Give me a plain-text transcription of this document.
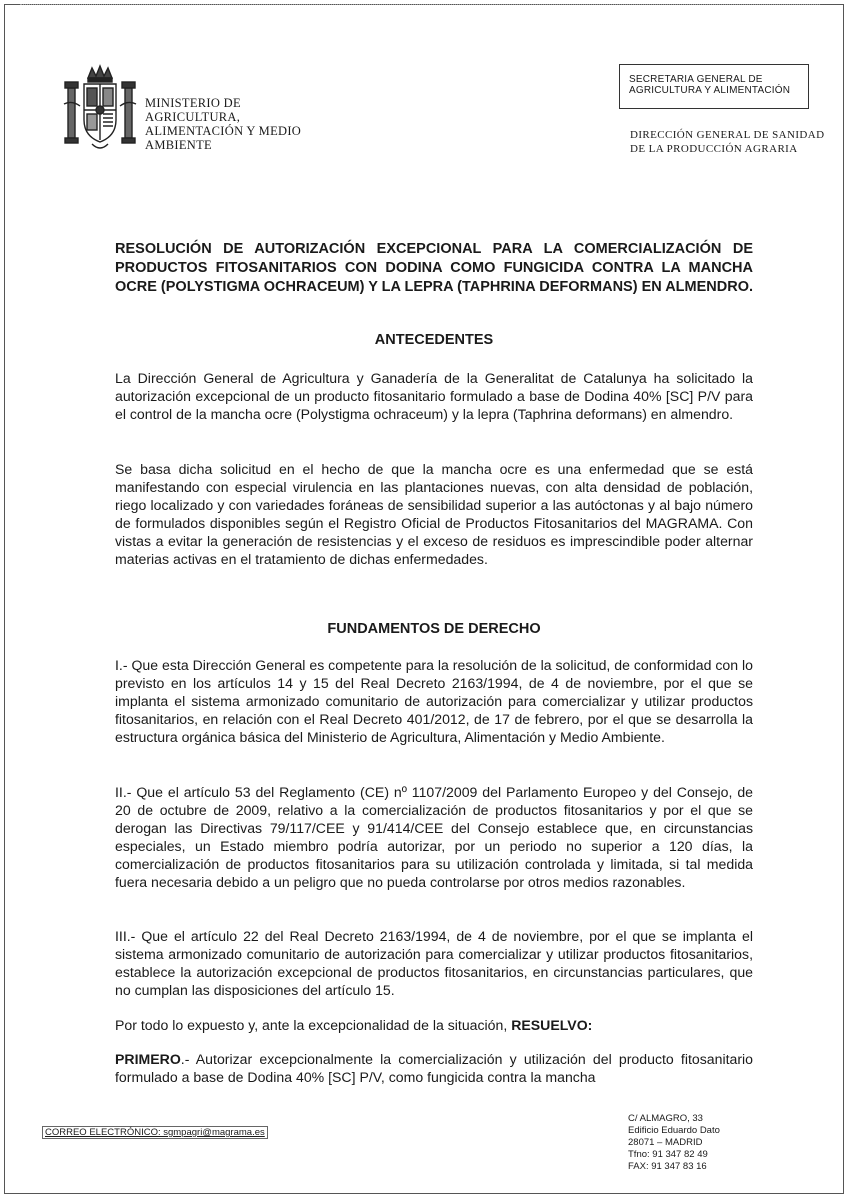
MINISTERIO DE
AGRICULTURA,
ALIMENTACIÓN Y MEDIO
AMBIENTE
SECRETARIA GENERAL DE
AGRICULTURA Y ALIMENTACIÓN
DIRECCIÓN GENERAL DE SANIDAD
DE LA PRODUCCIÓN AGRARIA
RESOLUCIÓN DE AUTORIZACIÓN EXCEPCIONAL PARA LA COMERCIALIZACIÓN DE PRODUCTOS FITOSANITARIOS CON DODINA COMO FUNGICIDA CONTRA LA MANCHA OCRE (POLYSTIGMA OCHRACEUM) Y LA LEPRA (TAPHRINA DEFORMANS) EN ALMENDRO.
ANTECEDENTES

La Dirección General de Agricultura y Ganadería de la Generalitat de Catalunya ha solicitado la autorización excepcional de un producto fitosanitario formulado a base de Dodina 40% [SC] P/V para el control de la mancha ocre (Polystigma ochraceum) y la lepra (Taphrina deformans) en almendro.

Se basa dicha solicitud en el hecho de que la mancha ocre es una enfermedad que se está manifestando con especial virulencia en las plantaciones nuevas, con alta densidad de población, riego localizado y con variedades foráneas de sensibilidad superior a las autóctonas y al bajo número de formulados disponibles según el Registro Oficial de Productos Fitosanitarios del MAGRAMA. Con vistas a evitar la generación de resistencias y el exceso de residuos es imprescindible poder alternar materias activas en el tratamiento de dichas enfermedades.

FUNDAMENTOS DE DERECHO

I.- Que esta Dirección General es competente para la resolución de la solicitud, de conformidad con lo previsto en los artículos 14 y 15 del Real Decreto 2163/1994, de 4 de noviembre, por el que se implanta el sistema armonizado comunitario de autorización para comercializar y utilizar productos fitosanitarios, en relación con el Real Decreto 401/2012, de 17 de febrero, por el que se desarrolla la estructura orgánica básica del Ministerio de Agricultura, Alimentación y Medio Ambiente.

II.- Que el artículo 53 del Reglamento (CE) nº 1107/2009 del Parlamento Europeo y del Consejo, de 20 de octubre de 2009, relativo a la comercialización de productos fitosanitarios y por el que se derogan las Directivas 79/117/CEE y 91/414/CEE del Consejo establece que, en circunstancias especiales, un Estado miembro podría autorizar, por un periodo no superior a 120 días, la comercialización de productos fitosanitarios para su utilización controlada y limitada, si tal medida fuera necesaria debido a un peligro que no pueda controlarse por otros medios razonables.

III.- Que el artículo 22 del Real Decreto 2163/1994, de 4 de noviembre, por el que se implanta el sistema armonizado comunitario de autorización para comercializar y utilizar productos fitosanitarios, establece la autorización excepcional de productos fitosanitarios, en circunstancias particulares, que no cumplan las disposiciones del artículo 15.

Por todo lo expuesto y, ante la excepcionalidad de la situación, RESUELVO:

PRIMERO.- Autorizar excepcionalmente la comercialización y utilización del producto fitosanitario formulado a base de Dodina 40% [SC] P/V, como fungicida contra la mancha

CORREO ELECTRÓNICO: sgmpagri@magrama.es
C/ ALMAGRO, 33
Edificio Eduardo Dato
28071 – MADRID
Tfno: 91 347 82 49
FAX: 91 347 83 16
